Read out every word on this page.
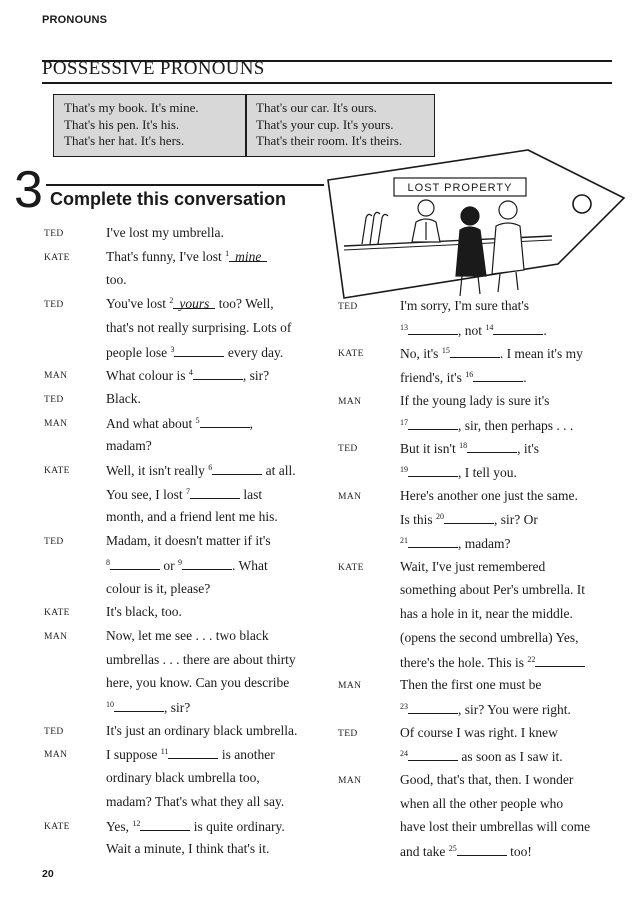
PRONOUNS
POSSESSIVE PRONOUNS
That's my book. It's mine.
That's his pen. It's his.
That's her hat. It's hers.
That's our car. It's ours.
That's your cup. It's yours.
That's their room. It's theirs.
3 Complete this conversation
LOST PROPERTY
TED	I've lost my umbrella.
KATE	That's funny, I've lost $^1$ mine
too.
TED	You've lost $^2$ yours too? Well,
that's not really surprising. Lots of
people lose $^3$	every day.
MAN	What colour is $^4$	, sir?
TED	Black.
MAN	And what about $^5$	,
madam?
KATE	Well, it isn't really $^6$	at all.
You see, I lost $^7$	last
month, and a friend lent me his.
TED	Madam, it doesn't matter if it's
$^8$	or $^9$	. What
colour is it, please?
KATE	It's black, too.
MAN	Now, let me see . . . two black
umbrellas . . . there are about thirty
here, you know. Can you describe
$^{10}$	, sir?
TED	It's just an ordinary black umbrella.
MAN	I suppose $^{11}$	is another
ordinary black umbrella too,
madam? That's what they all say.
KATE	Yes, $^{12}$	is quite ordinary.
Wait a minute, I think that's it.
TED	I'm sorry, I'm sure that's
$^{13}$	, not $^{14}$	.
KATE	No, it's $^{15}$	. I mean it's my
friend's, it's $^{16}$	.
MAN	If the young lady is sure it's
$^{17}$	, sir, then perhaps . . .
TED	But it isn't $^{18}$	, it's
$^{19}$	, I tell you.
MAN	Here's another one just the same.
Is this $^{20}$	, sir? Or
$^{21}$	, madam?
KATE	Wait, I've just remembered
something about Per's umbrella. It
has a hole in it, near the middle.
(opens the second umbrella) Yes,
there's the hole. This is $^{22}$
MAN	Then the first one must be
$^{23}$	, sir? You were right.
TED	Of course I was right. I knew
$^{24}$	as soon as I saw it.
MAN	Good, that's that, then. I wonder
when all the other people who
have lost their umbrellas will come
and take $^{25}$	too!
20
